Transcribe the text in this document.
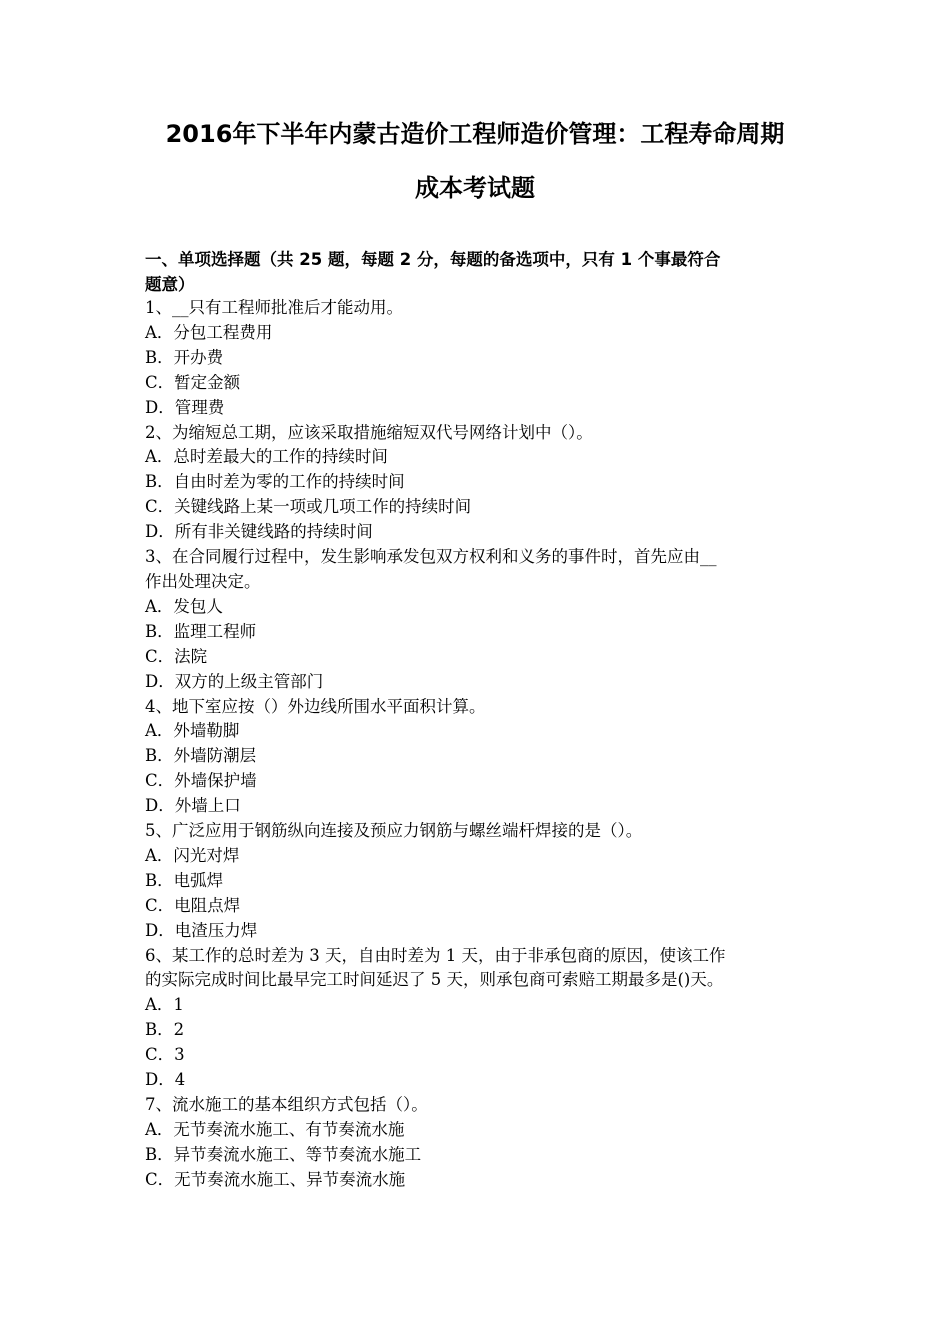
2016年下半年内蒙古造价工程师造价管理：工程寿命周期
成本考试题
一、单项选择题（共 25 题，每题 2 分，每题的备选项中，只有 1 个事最符合
题意）
1、__只有工程师批准后才能动用。
A．分包工程费用
B．开办费
C．暂定金额
D．管理费
2、为缩短总工期，应该采取措施缩短双代号网络计划中（）。
A．总时差最大的工作的持续时间
B．自由时差为零的工作的持续时间
C．关键线路上某一项或几项工作的持续时间
D．所有非关键线路的持续时间
3、在合同履行过程中，发生影响承发包双方权利和义务的事件时，首先应由__
作出处理决定。
A．发包人
B．监理工程师
C．法院
D．双方的上级主管部门
4、地下室应按（）外边线所围水平面积计算。
A．外墙勒脚
B．外墙防潮层
C．外墙保护墙
D．外墙上口
5、广泛应用于钢筋纵向连接及预应力钢筋与螺丝端杆焊接的是（）。
A．闪光对焊
B．电弧焊
C．电阻点焊
D．电渣压力焊
6、某工作的总时差为 3 天，自由时差为 1 天，由于非承包商的原因，使该工作
的实际完成时间比最早完工时间延迟了 5 天，则承包商可索赔工期最多是()天。
A．1
B．2
C．3
D．4
7、流水施工的基本组织方式包括（）。
A．无节奏流水施工、有节奏流水施
B．异节奏流水施工、等节奏流水施工
C．无节奏流水施工、异节奏流水施
